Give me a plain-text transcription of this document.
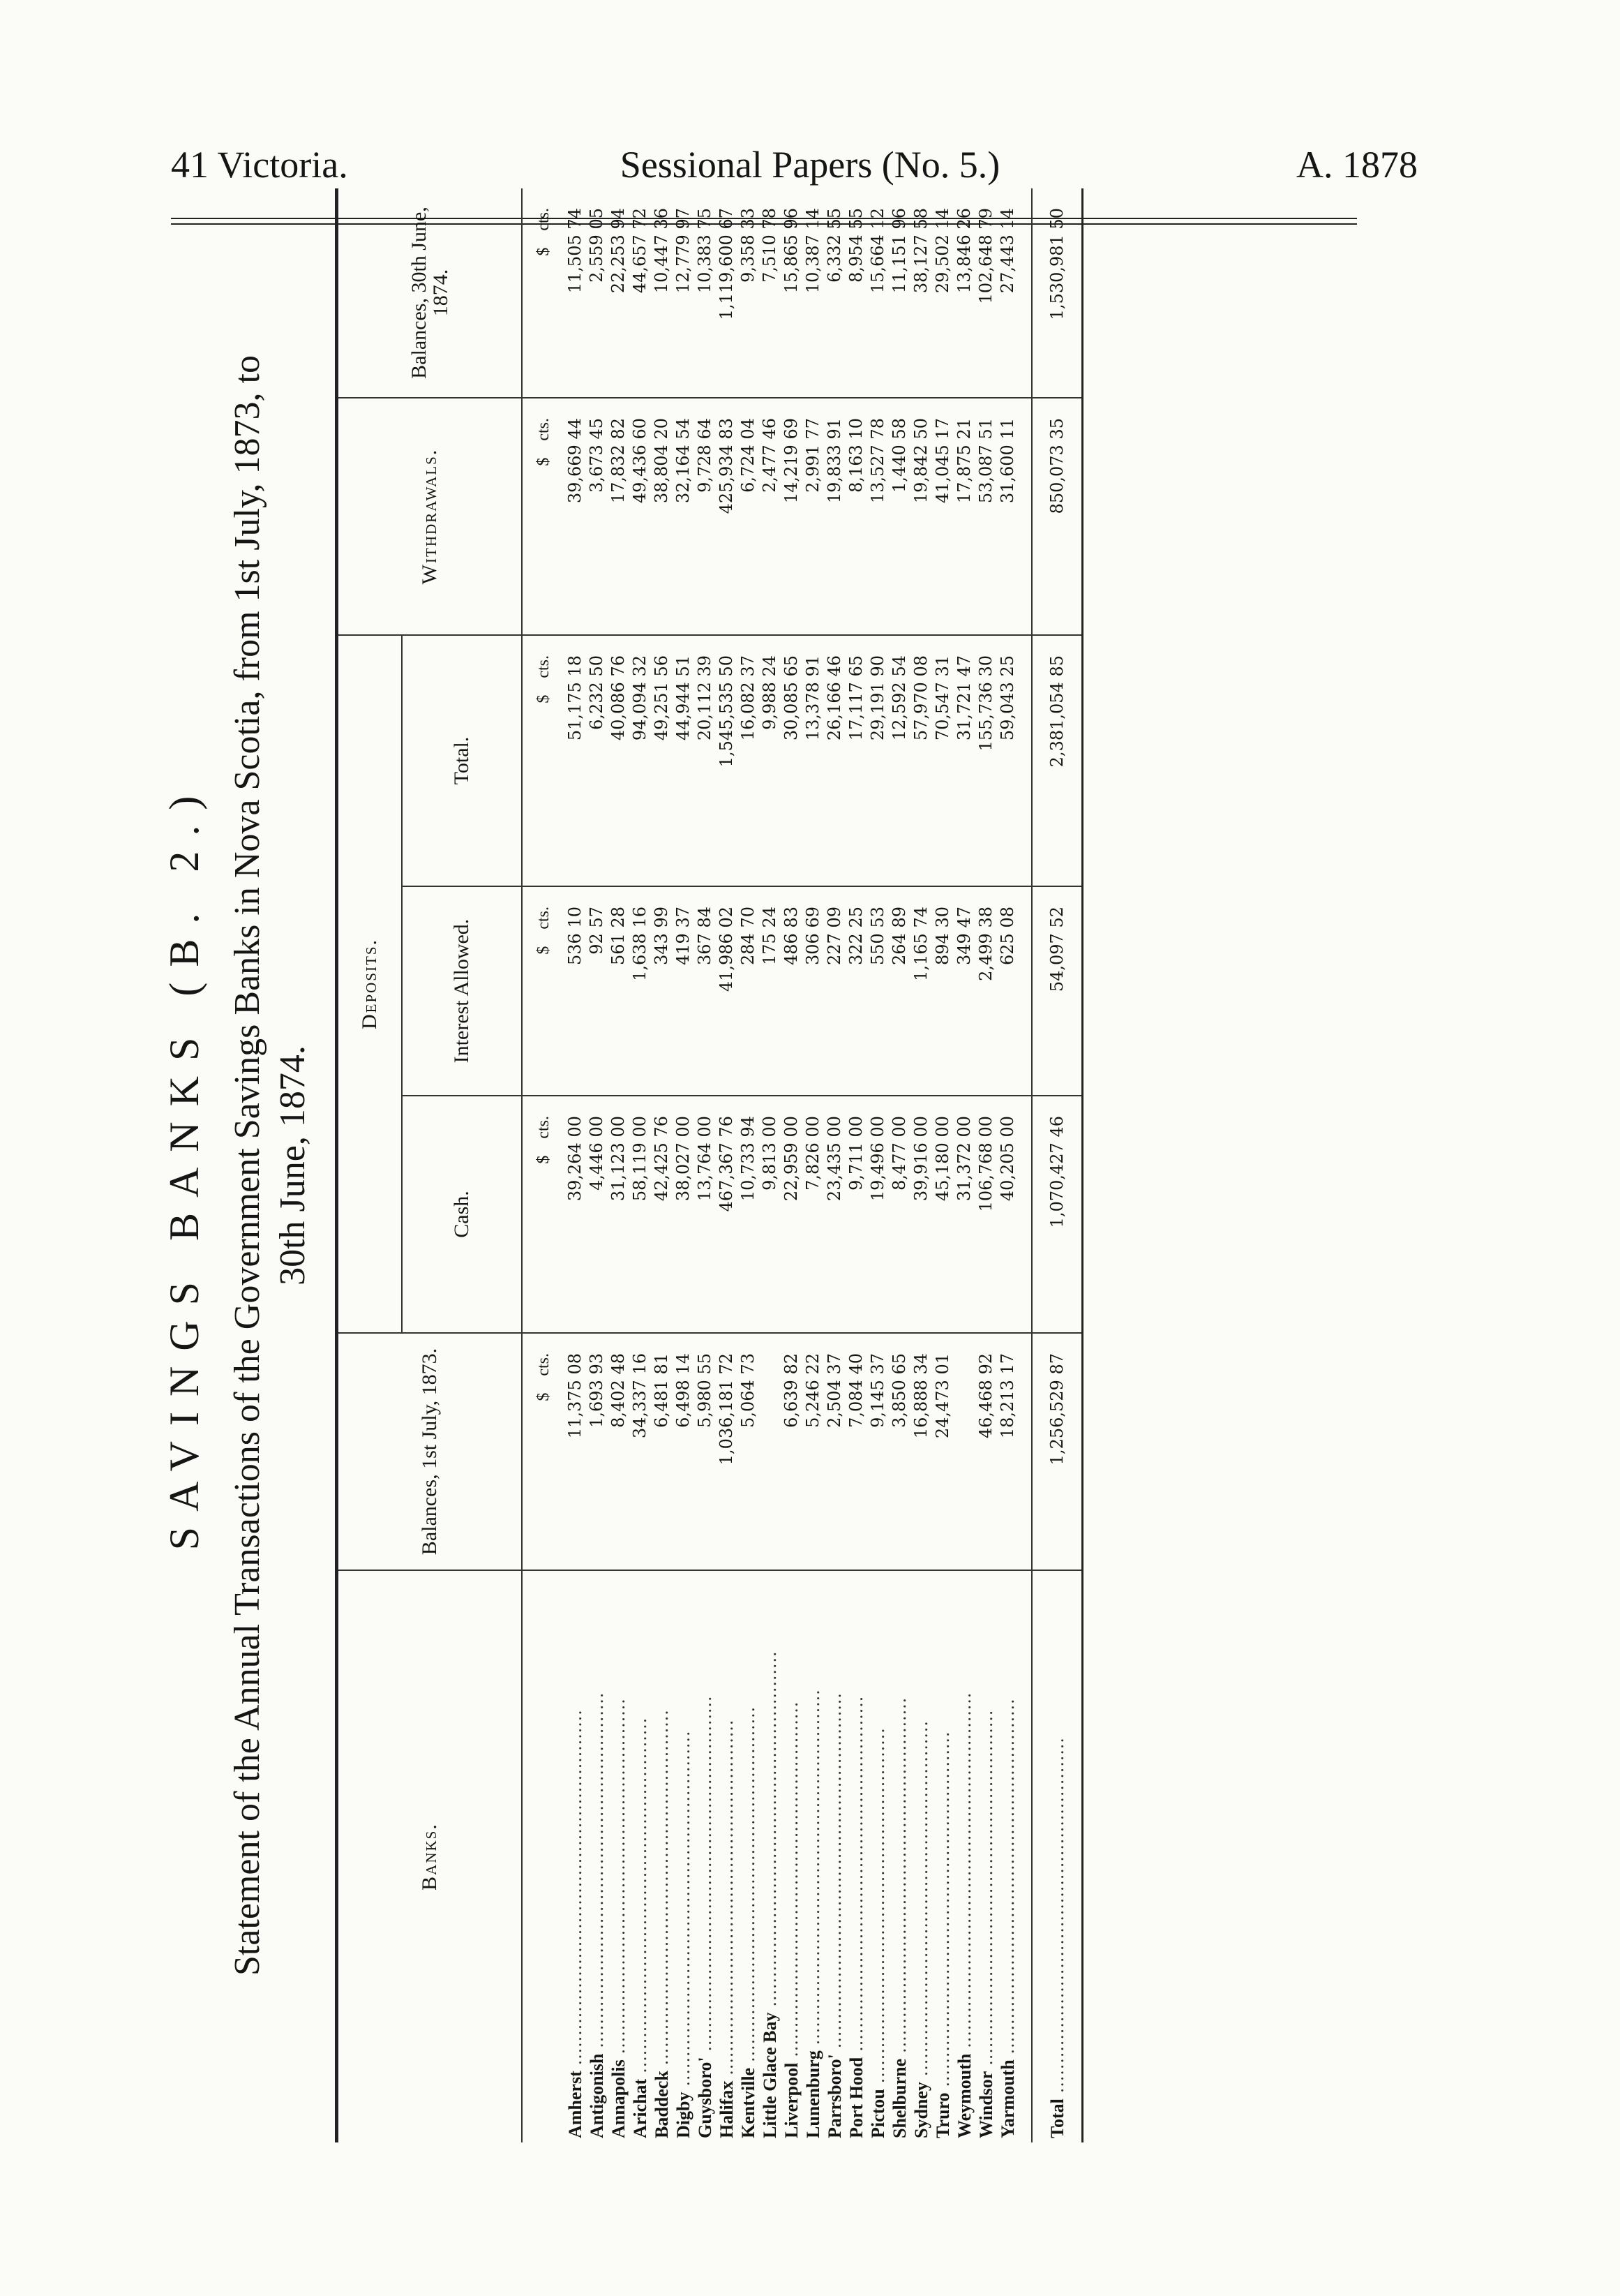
41 Victoria.	Sessional Papers (No. 5.)	A. 1878
SAVINGS BANKS (B. 2.) Statement of the Annual Transactions of the Government Savings Banks in Nova Scotia, from 1st July, 1873, to 30th June, 1874.
Banks.	Balances, 1st July, 1873.	Deposits.			Withdrawals.	Balances, 30th June, 1874.
		Cash.	Interest Allowed.	Total.		
	$    cts.	$    cts.	$    cts.	$    cts.	$    cts.	$    cts.
Amherst ............................................................	11,375 08	39,264 00	536 10	51,175 18	39,669 44	11,505 74
Antigonish ............................................................	1,693 93	4,446 00	92 57	6,232 50	3,673 45	2,559 05
Annapolis ............................................................	8,402 48	31,123 00	561 28	40,086 76	17,832 82	22,253 94
Arichat ............................................................	34,337 16	58,119 00	1,638 16	94,094 32	49,436 60	44,657 72
Baddeck ............................................................	6,481 81	42,425 76	343 99	49,251 56	38,804 20	10,447 36
Digby ............................................................	6,498 14	38,027 00	419 37	44,944 51	32,164 54	12,779 97
Guysboro' ............................................................	5,980 55	13,764 00	367 84	20,112 39	9,728 64	10,383 75
Halifax ............................................................	1,036,181 72	467,367 76	41,986 02	1,545,535 50	425,934 83	1,119,600 67
Kentville ............................................................	5,064 73	10,733 94	284 70	16,082 37	6,724 04	9,358 33
Little Glace Bay ............................................................		9,813 00	175 24	9,988 24	2,477 46	7,510 78
Liverpool ............................................................	6,639 82	22,959 00	486 83	30,085 65	14,219 69	15,865 96
Lunenburg ............................................................	5,246 22	7,826 00	306 69	13,378 91	2,991 77	10,387 14
Parrsboro' ............................................................	2,504 37	23,435 00	227 09	26,166 46	19,833 91	6,332 55
Port Hood ............................................................	7,084 40	9,711 00	322 25	17,117 65	8,163 10	8,954 55
Pictou ............................................................	9,145 37	19,496 00	550 53	29,191 90	13,527 78	15,664 12
Shelburne ............................................................	3,850 65	8,477 00	264 89	12,592 54	1,440 58	11,151 96
Sydney ............................................................	16,888 34	39,916 00	1,165 74	57,970 08	19,842 50	38,127 58
Truro ............................................................	24,473 01	45,180 00	894 30	70,547 31	41,045 17	29,502 14
Weymouth ............................................................		31,372 00	349 47	31,721 47	17,875 21	13,846 26
Windsor ............................................................	46,468 92	106,768 00	2,499 38	155,736 30	53,087 51	102,648 79
Yarmouth ............................................................	18,213 17	40,205 00	625 08	59,043 25	31,600 11	27,443 14

Total ............................................................	1,256,529 87	1,070,427 46	54,097 52	2,381,054 85	850,073 35	1,530,981 50
